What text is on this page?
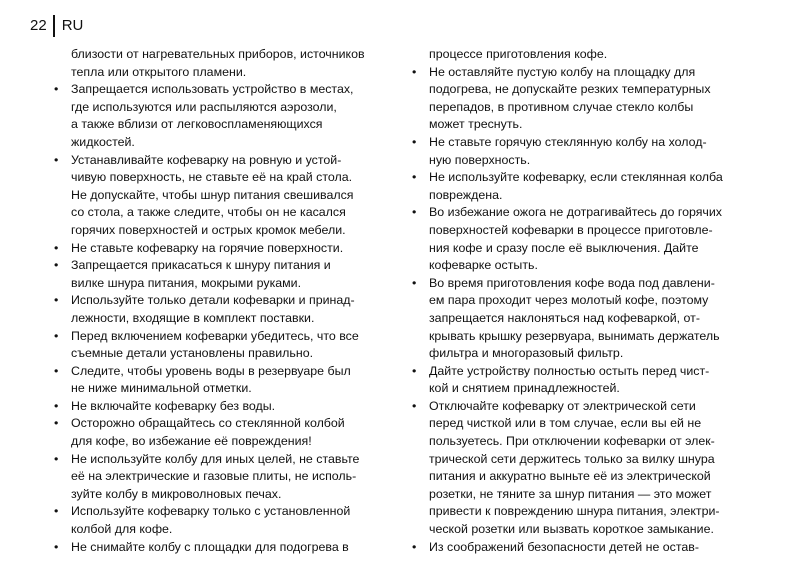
22 RU
близости от нагревательных приборов, источников
тепла или открытого пламени.
•	Запрещается использовать устройство в местах,
где используются или распыляются аэрозоли,
а также вблизи от легковоспламеняющихся
жидкостей.
•	Устанавливайте кофеварку на ровную и устой-
чивую поверхность, не ставьте её на край стола.
Не допускайте, чтобы шнур питания свешивался
со стола, а также следите, чтобы он не касался
горячих поверхностей и острых кромок мебели.
•	Не ставьте кофеварку на горячие поверхности.
•	Запрещается прикасаться к шнуру питания и
вилке шнура питания, мокрыми руками.
•	Используйте только детали кофеварки и принад-
лежности, входящие в комплект поставки.
•	Перед включением кофеварки убедитесь, что все
съемные детали установлены правильно.
•	Следите, чтобы уровень воды в резервуаре был
не ниже минимальной отметки.
•	Не включайте кофеварку без воды.
•	Осторожно обращайтесь со стеклянной колбой
для кофе, во избежание её повреждения!
•	Не используйте колбу для иных целей, не ставьте
её на электрические и газовые плиты, не исполь-
зуйте колбу в микроволновых печах.
•	Используйте кофеварку только с установленной
колбой для кофе.
•	Не снимайте колбу с площадки для подогрева в
процессе приготовления кофе.
•	Не оставляйте пустую колбу на площадку для
подогрева, не допускайте резких температурных
перепадов, в противном случае стекло колбы
может треснуть.
•	Не ставьте горячую стеклянную колбу на холод-
ную поверхность.
•	Не используйте кофеварку, если стеклянная колба
повреждена.
•	Во избежание ожога не дотрагивайтесь до горячих
поверхностей кофеварки в процессе приготовле-
ния кофе и сразу после её выключения. Дайте
кофеварке остыть.
•	Во время приготовления кофе вода под давлени-
ем пара проходит через молотый кофе, поэтому
запрещается наклоняться над кофеваркой, от-
крывать крышку резервуара, вынимать держатель
фильтра и многоразовый фильтр.
•	Дайте устройству полностью остыть перед чист-
кой и снятием принадлежностей.
•	Отключайте кофеварку от электрической сети
перед чисткой или в том случае, если вы ей не
пользуетесь. При отключении кофеварки от элек-
трической сети держитесь только за вилку шнура
питания и аккуратно выньте её из электрической
розетки, не тяните за шнур питания — это может
привести к повреждению шнура питания, электри-
ческой розетки или вызвать короткое замыкание.
•	Из соображений безопасности детей не остав-
